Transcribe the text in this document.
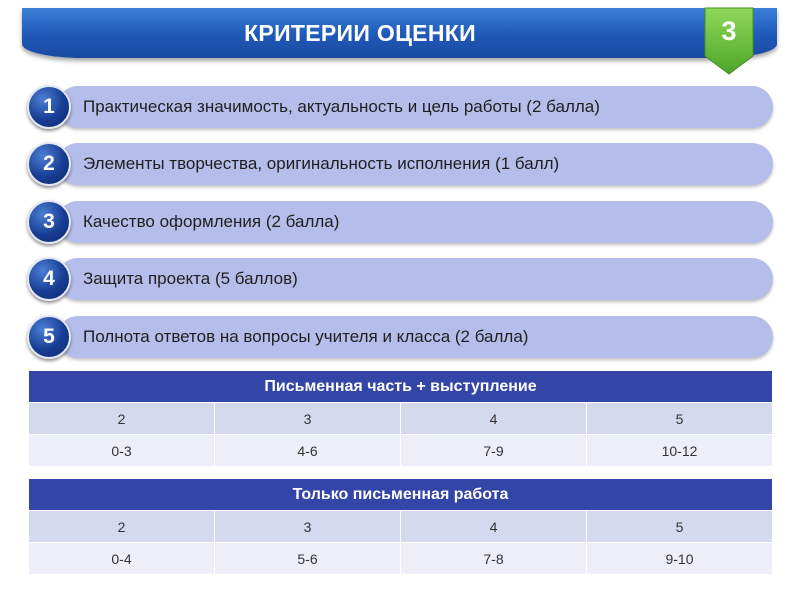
КРИТЕРИИ ОЦЕНКИ	3
Практическая значимость, актуальность и цель работы (2 балла)
1
Элементы творчества, оригинальность исполнения (1 балл)
2
Качество оформления (2 балла)
3
Защита проекта (5 баллов)
4
Полнота ответов на вопросы учителя и класса (2 балла)
5
Письменная часть + выступление			
2	3	4	5
0-3	4-6	7-9	10-12
Только письменная работа			
2	3	4	5
0-4	5-6	7-8	9-10
